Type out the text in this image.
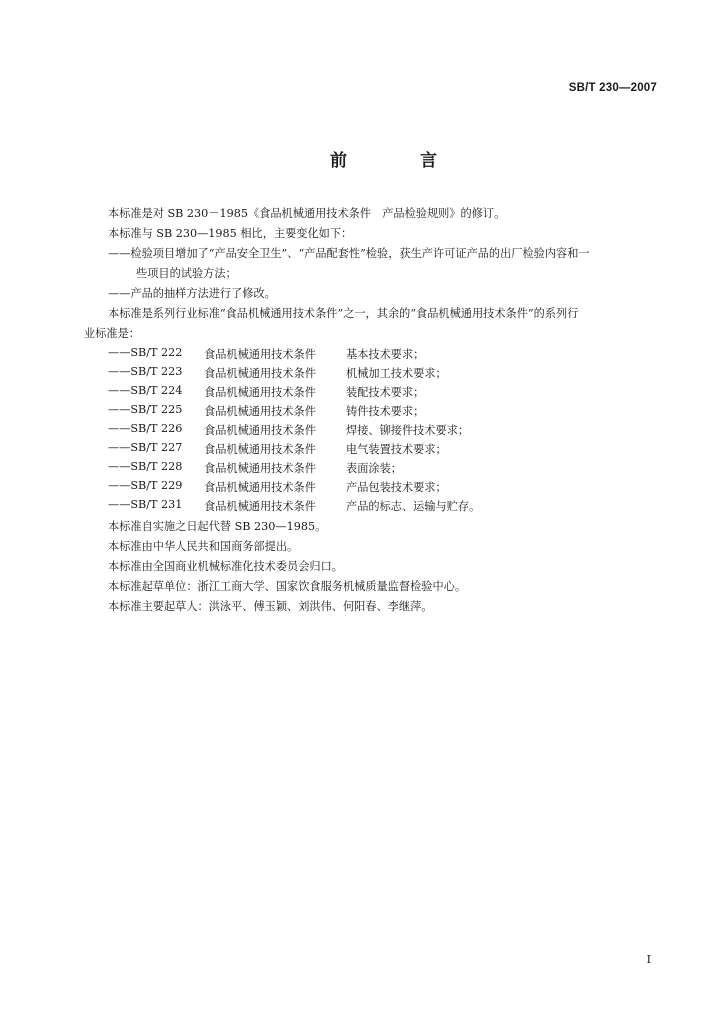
SB/T 230—2007
前　言
本标准是对 SB 230－1985《食品机械通用技术条件　产品检验规则》的修订。
本标准与 SB 230—1985 相比，主要变化如下：
——检验项目增加了“产品安全卫生”、“产品配套性”检验，获生产许可证产品的出厂检验内容和一
些项目的试验方法；
——产品的抽样方法进行了修改。
本标准是系列行业标准“食品机械通用技术条件”之一，其余的“食品机械通用技术条件”的系列行
业标准是：
——SB/T 222	食品机械通用技术条件	基本技术要求；
——SB/T 223	食品机械通用技术条件	机械加工技术要求；
——SB/T 224	食品机械通用技术条件	装配技术要求；
——SB/T 225	食品机械通用技术条件	铸件技术要求；
——SB/T 226	食品机械通用技术条件	焊接、铆接件技术要求；
——SB/T 227	食品机械通用技术条件	电气装置技术要求；
——SB/T 228	食品机械通用技术条件	表面涂装；
——SB/T 229	食品机械通用技术条件	产品包装技术要求；
——SB/T 231	食品机械通用技术条件	产品的标志、运输与贮存。
本标准自实施之日起代替 SB 230—1985。
本标准由中华人民共和国商务部提出。
本标准由全国商业机械标准化技术委员会归口。
本标准起草单位：浙江工商大学、国家饮食服务机械质量监督检验中心。
本标准主要起草人：洪泳平、傅玉颖、刘洪伟、何阳春、李继萍。
I
